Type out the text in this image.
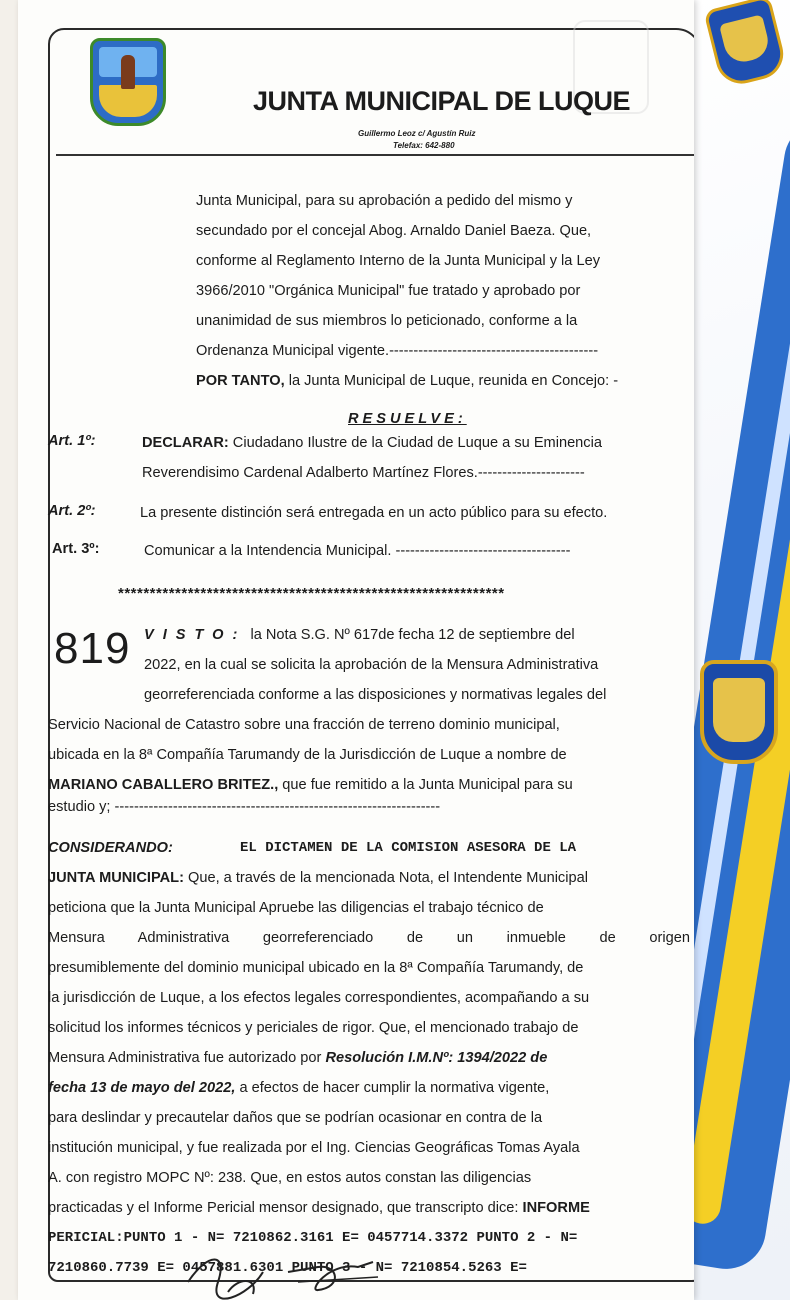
JUNTA MUNICIPAL DE LUQUE
Guillermo Leoz c/ Agustín Ruiz
Telefax: 642-880
Junta Municipal, para su aprobación a pedido del mismo y
secundado por el concejal Abog. Arnaldo Daniel Baeza. Que,
conforme al Reglamento Interno de la Junta Municipal y la Ley
3966/2010 "Orgánica Municipal" fue tratado y aprobado por
unanimidad de sus miembros lo peticionado, conforme a la
Ordenanza Municipal vigente.-------------------------------------------
POR TANTO, la Junta Municipal de Luque, reunida en Concejo: -
RESUELVE:
Art. 1º:	DECLARAR: Ciudadano Ilustre de la Ciudad de Luque a su Eminencia
Reverendisimo Cardenal Adalberto Martínez Flores.----------------------
Art. 2º:	La presente distinción será entregada en un acto público para su efecto.
Art. 3º:	Comunicar a la Intendencia Municipal. ------------------------------------
*************************************************************
819 VISTO: la Nota S.G. Nº 617de fecha 12 de septiembre del
2022, en la cual se solicita la aprobación de la Mensura Administrativa
georreferenciada conforme a las disposiciones y normativas legales del
Servicio Nacional de Catastro sobre una fracción de terreno dominio municipal,
ubicada en la 8ª Compañía Tarumandy de la Jurisdicción de Luque a nombre de
MARIANO CABALLERO BRITEZ., que fue remitido a la Junta Municipal para su
estudio y; -------------------------------------------------------------------
CONSIDERANDO:	EL DICTAMEN DE LA COMISION ASESORA DE LA
JUNTA MUNICIPAL: Que, a través de la mencionada Nota, el Intendente Municipal
peticiona que la Junta Municipal Apruebe las diligencias el trabajo técnico de
Mensura Administrativa georreferenciado de un inmueble de origen
presumiblemente del dominio municipal ubicado en la 8ª Compañía Tarumandy, de
la jurisdicción de Luque, a los efectos legales correspondientes, acompañando a su
solicitud los informes técnicos y periciales de rigor. Que, el mencionado trabajo de
Mensura Administrativa fue autorizado por Resolución I.M.Nº: 1394/2022 de
fecha 13 de mayo del 2022, a efectos de hacer cumplir la normativa vigente,
para deslindar y precautelar daños que se podrían ocasionar en contra de la
institución municipal, y fue realizada por el Ing. Ciencias Geográficas Tomas Ayala
A. con registro MOPC Nº: 238. Que, en estos autos constan las diligencias
practicadas y el Informe Pericial mensor designado, que transcripto dice: INFORME
PERICIAL:PUNTO 1 - N= 7210862.3161 E= 0457714.3372 PUNTO 2 - N=
7210860.7739 E= 0457881.6301 PUNTO 3 - N= 7210854.5263 E=
